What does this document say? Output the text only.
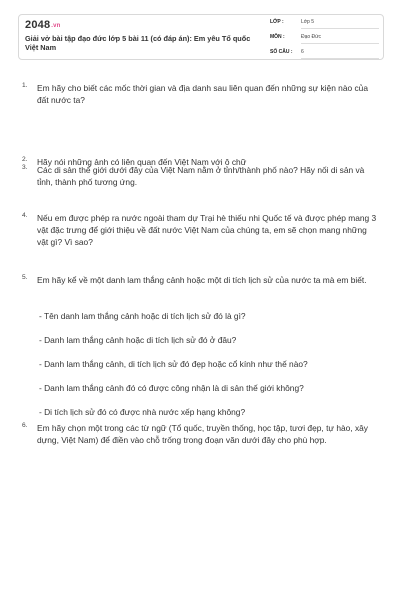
2048.vn
Giải vở bài tập đạo đức lớp 5 bài 11 (có đáp án): Em yêu Tổ quốc Việt Nam
LỚP :	Lớp 5
MÔN :	Đạo Đức
SỐ CÂU : 6
1. Em hãy cho biết các mốc thời gian và địa danh sau liên quan đến những sự kiện nào của đất nước ta?
2. Hãy nói những ảnh có liên quan đến Việt Nam với ô chữ
3. Các di sản thế giới dưới đây của Việt Nam nằm ở tỉnh/thành phố nào? Hãy nối di sản và tỉnh, thành phố tương ứng.
4. Nếu em được phép ra nước ngoài tham dự Trại hè thiếu nhi Quốc tế và được phép mang 3 vật đặc trưng để giới thiệu về đất nước Việt Nam của chúng ta, em sẽ chọn mang những vật gì? Vì sao?
5. Em hãy kể về một danh lam thắng cảnh hoặc một di tích lịch sử của nước ta mà em biết.
- Tên danh lam thắng cảnh hoặc di tích lịch sử đó là gì?
- Danh lam thắng cảnh hoặc di tích lịch sử đó ở đâu?
- Danh lam thắng cảnh, di tích lịch sử đó đẹp hoặc cổ kính như thế nào?
- Danh lam thắng cảnh đó có được công nhận là di sản thế giới không?
- Di tích lịch sử đó có được nhà nước xếp hạng không?
6. Em hãy chọn một trong các từ ngữ (Tổ quốc, truyền thống, học tập, tươi đẹp, tự hào, xây dựng, Việt Nam) để điền vào chỗ trống trong đoạn văn dưới đây cho phù hợp.
